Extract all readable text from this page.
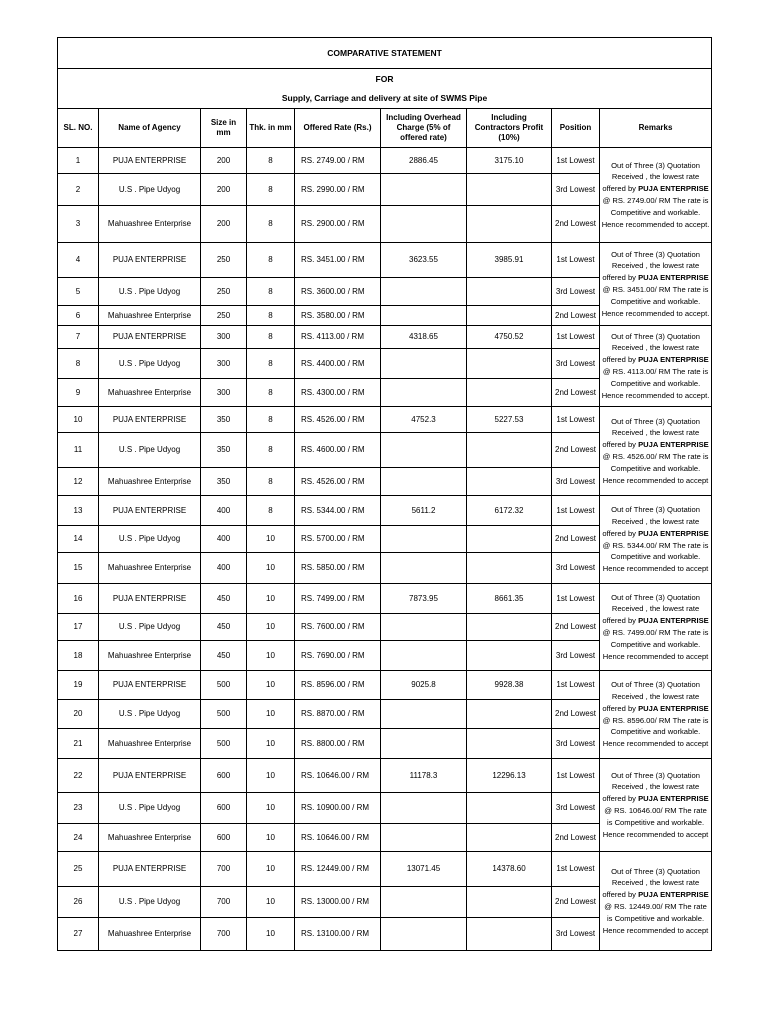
COMPARATIVE STATEMENT								

FOR
Supply, Carriage and delivery at site of SWMS Pipe								

SL. NO.	Name of Agency	Size in mm	Thk. in mm	Offered Rate (Rs.)	Including Overhead Charge (5% of offered rate)	Including Contractors Profit (10%)	Position	Remarks
1	PUJA ENTERPRISE	200	8	RS. 2749.00 / RM	2886.45	3175.10	1st Lowest	Out of Three (3) Quotation Received , the lowest rate offered by PUJA ENTERPRISE @ RS. 2749.00/ RM The rate is Competitive and workable. Hence recommended to accept.
2	U.S . Pipe Udyog	200	8	RS. 2990.00 / RM			3rd Lowest	
3	Mahuashree Enterprise	200	8	RS. 2900.00 / RM			2nd Lowest	
4	PUJA ENTERPRISE	250	8	RS. 3451.00 / RM	3623.55	3985.91	1st Lowest	Out of Three (3) Quotation Received , the lowest rate offered by PUJA ENTERPRISE @ RS. 3451.00/ RM The rate is Competitive and workable. Hence recommended to accept.
5	U.S . Pipe Udyog	250	8	RS. 3600.00 / RM			3rd Lowest	
6	Mahuashree Enterprise	250	8	RS. 3580.00 / RM			2nd Lowest	
7	PUJA ENTERPRISE	300	8	RS. 4113.00 / RM	4318.65	4750.52	1st Lowest	Out of Three (3) Quotation Received , the lowest rate offered by PUJA ENTERPRISE @ RS. 4113.00/ RM The rate is Competitive and workable. Hence recommended to accept.
8	U.S . Pipe Udyog	300	8	RS. 4400.00 / RM			3rd Lowest	
9	Mahuashree Enterprise	300	8	RS. 4300.00 / RM			2nd Lowest	
10	PUJA ENTERPRISE	350	8	RS. 4526.00 / RM	4752.3	5227.53	1st Lowest	Out of Three (3) Quotation Received , the lowest rate offered by PUJA ENTERPRISE @ RS. 4526.00/ RM The rate is Competitive and workable. Hence recommended to accept
11	U.S . Pipe Udyog	350	8	RS. 4600.00 / RM			2nd Lowest	
12	Mahuashree Enterprise	350	8	RS. 4526.00 / RM			3rd Lowest	
13	PUJA ENTERPRISE	400	8	RS. 5344.00 / RM	5611.2	6172.32	1st Lowest	Out of Three (3) Quotation Received , the lowest rate offered by PUJA ENTERPRISE @ RS. 5344.00/ RM The rate is Competitive and workable. Hence recommended to accept
14	U.S . Pipe Udyog	400	10	RS. 5700.00 / RM			2nd Lowest	
15	Mahuashree Enterprise	400	10	RS. 5850.00 / RM			3rd Lowest	
16	PUJA ENTERPRISE	450	10	RS. 7499.00 / RM	7873.95	8661.35	1st Lowest	Out of Three (3) Quotation Received , the lowest rate offered by PUJA ENTERPRISE @ RS. 7499.00/ RM The rate is Competitive and workable. Hence recommended to accept
17	U.S . Pipe Udyog	450	10	RS. 7600.00 / RM			2nd Lowest	
18	Mahuashree Enterprise	450	10	RS. 7690.00 / RM			3rd Lowest	
19	PUJA ENTERPRISE	500	10	RS. 8596.00 / RM	9025.8	9928.38	1st Lowest	Out of Three (3) Quotation Received , the lowest rate offered by PUJA ENTERPRISE @ RS. 8596.00/ RM The rate is Competitive and workable. Hence recommended to accept
20	U.S . Pipe Udyog	500	10	RS. 8870.00 / RM			2nd Lowest	
21	Mahuashree Enterprise	500	10	RS. 8800.00 / RM			3rd Lowest	
22	PUJA ENTERPRISE	600	10	RS. 10646.00 / RM	11178.3	12296.13	1st Lowest	Out of Three (3) Quotation Received , the lowest rate offered by PUJA ENTERPRISE @ RS. 10646.00/ RM The rate is Competitive and workable. Hence recommended to accept
23	U.S . Pipe Udyog	600	10	RS. 10900.00 / RM			3rd Lowest	
24	Mahuashree Enterprise	600	10	RS. 10646.00 / RM			2nd Lowest	
25	PUJA ENTERPRISE	700	10	RS. 12449.00 / RM	13071.45	14378.60	1st Lowest	Out of Three (3) Quotation Received , the lowest rate offered by PUJA ENTERPRISE @ RS. 12449.00/ RM The rate is Competitive and workable. Hence recommended to accept
26	U.S . Pipe Udyog	700	10	RS. 13000.00 / RM			2nd Lowest	
27	Mahuashree Enterprise	700	10	RS. 13100.00 / RM			3rd Lowest	
